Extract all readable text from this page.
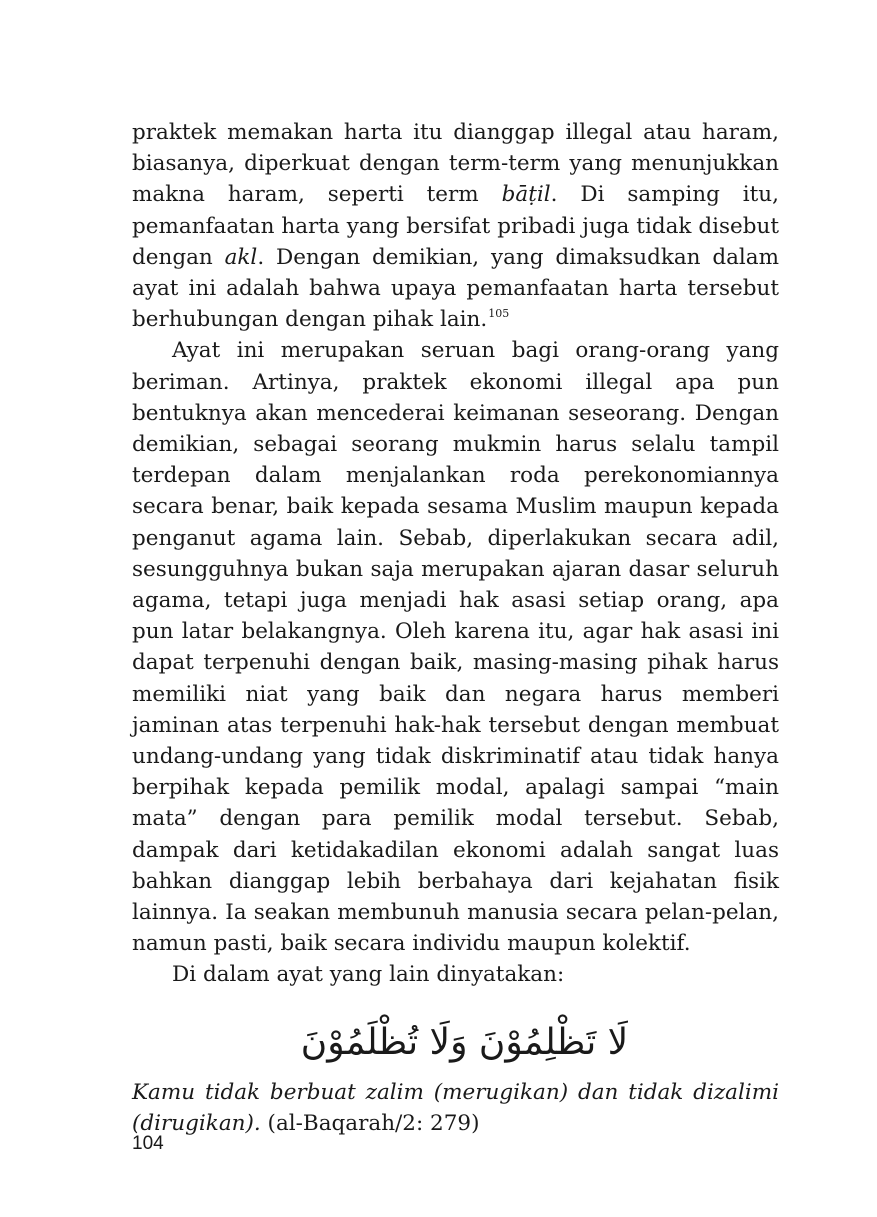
praktek memakan harta itu dianggap illegal atau haram, biasanya, diperkuat dengan term-term yang menunjukkan makna haram, seperti term bāṭil. Di samping itu, pemanfaatan harta yang bersifat pribadi juga tidak disebut dengan akl. Dengan demikian, yang dimaksudkan dalam ayat ini adalah bahwa upaya pemanfaatan harta tersebut berhubungan dengan pihak lain.$^{105}$

Ayat ini merupakan seruan bagi orang-orang yang beriman. Artinya, praktek ekonomi illegal apa pun bentuknya akan mencederai keimanan seseorang. Dengan demikian, sebagai seorang mukmin harus selalu tampil terdepan dalam menjalankan roda perekonomiannya secara benar, baik kepada sesama Muslim maupun kepada penganut agama lain. Sebab, diperlakukan secara adil, sesungguhnya bukan saja merupakan ajaran dasar seluruh agama, tetapi juga menjadi hak asasi setiap orang, apa pun latar belakangnya. Oleh karena itu, agar hak asasi ini dapat terpenuhi dengan baik, masing-masing pihak harus memiliki niat yang baik dan negara harus memberi jaminan atas terpenuhi hak-hak tersebut dengan membuat undang-undang yang tidak diskriminatif atau tidak hanya berpihak kepada pemilik modal, apalagi sampai “main mata” dengan para pemilik modal tersebut. Sebab, dampak dari ketidakadilan ekonomi adalah sangat luas bahkan dianggap lebih berbahaya dari kejahatan fisik lainnya. Ia seakan membunuh manusia secara pelan-pelan, namun pasti, baik secara individu maupun kolektif.

Di dalam ayat yang lain dinyatakan:

لَا تَظْلِمُوْنَ وَلَا تُظْلَمُوْنَ

Kamu tidak berbuat zalim (merugikan) dan tidak dizalimi (dirugikan). (al-Baqarah/2: 279)

104
